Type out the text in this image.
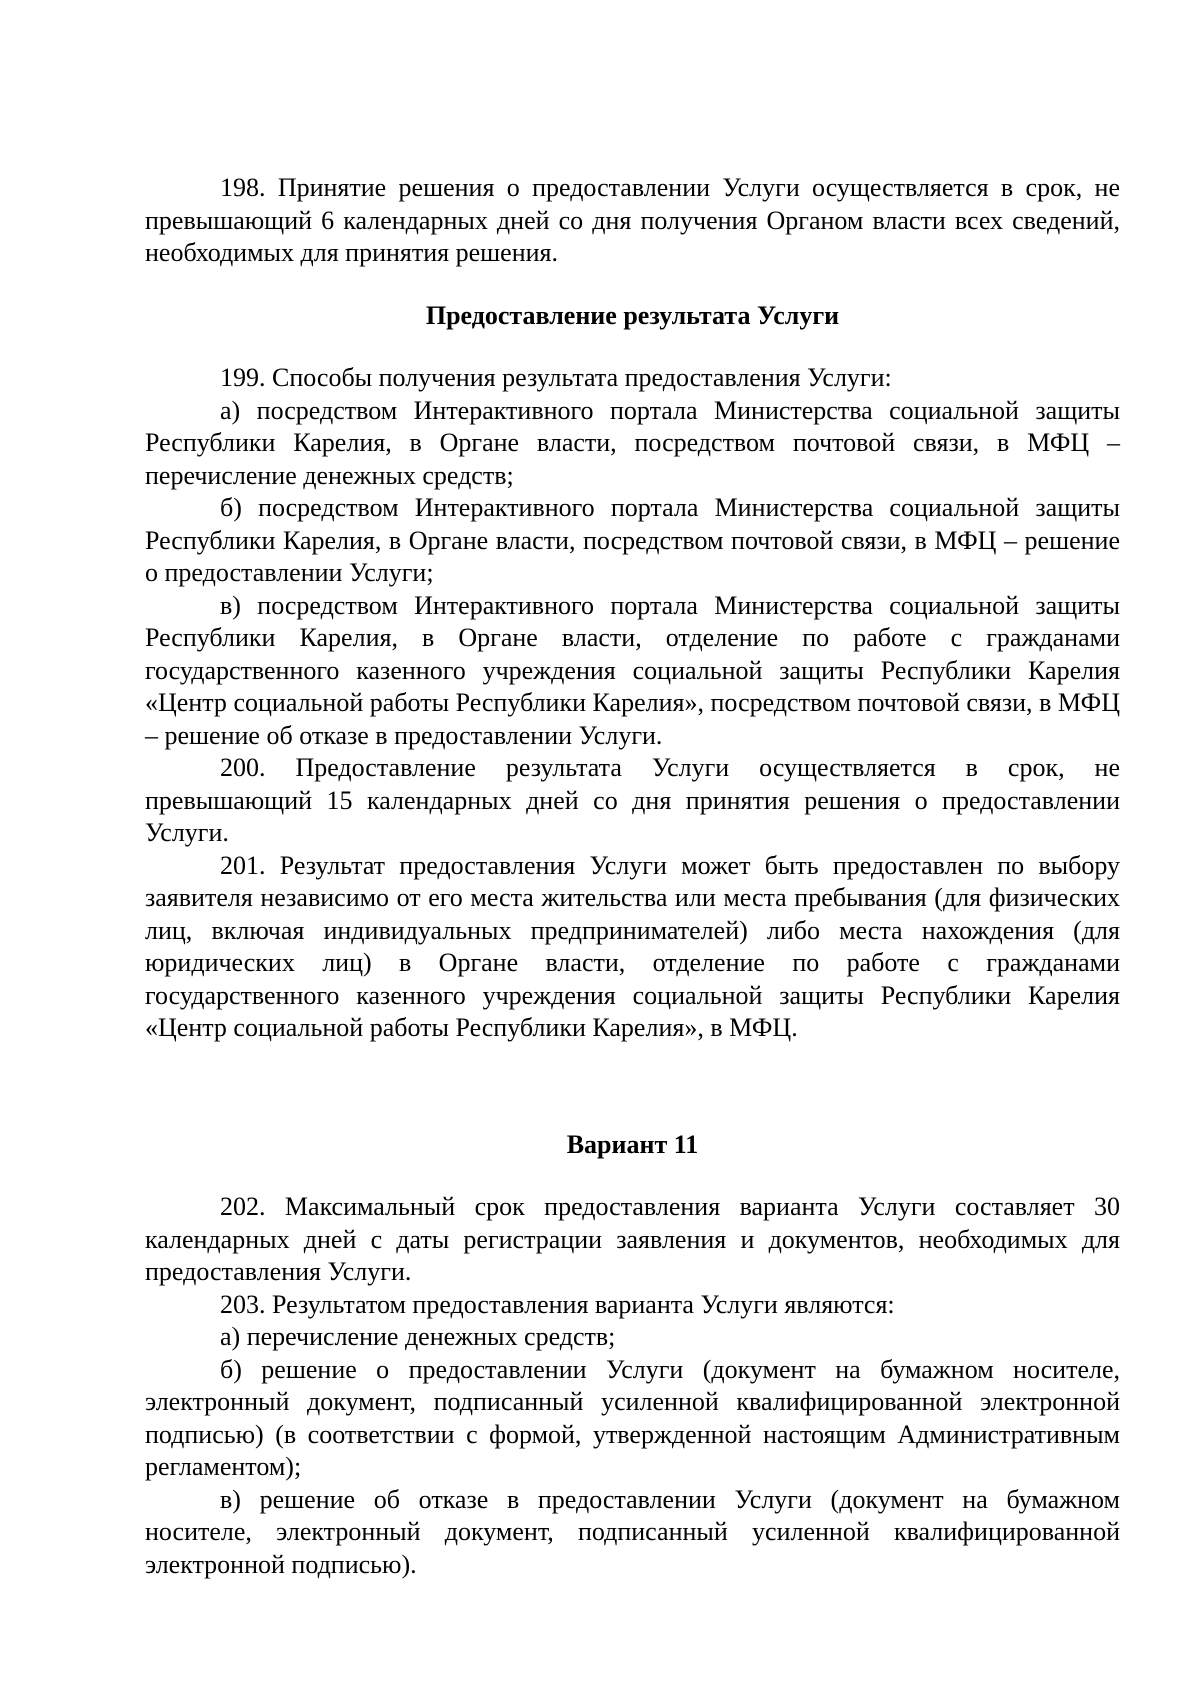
198. Принятие решения о предоставлении Услуги осуществляется в срок, не превышающий 6 календарных дней со дня получения Органом власти всех сведений, необходимых для принятия решения.

Предоставление результата Услуги

199. Способы получения результата предоставления Услуги:

а) посредством Интерактивного портала Министерства социальной защиты Республики Карелия, в Органе власти, посредством почтовой связи, в МФЦ – перечисление денежных средств;

б) посредством Интерактивного портала Министерства социальной защиты Республики Карелия, в Органе власти, посредством почтовой связи, в МФЦ – решение о предоставлении Услуги;

в) посредством Интерактивного портала Министерства социальной защиты Республики Карелия, в Органе власти, отделение по работе с гражданами государственного казенного учреждения социальной защиты Республики Карелия «Центр социальной работы Республики Карелия», посредством почтовой связи, в МФЦ – решение об отказе в предоставлении Услуги.

200. Предоставление результата Услуги осуществляется в срок, не превышающий 15 календарных дней со дня принятия решения о предоставлении Услуги.

201. Результат предоставления Услуги может быть предоставлен по выбору заявителя независимо от его места жительства или места пребывания (для физических лиц, включая индивидуальных предпринимателей) либо места нахождения (для юридических лиц) в Органе власти, отделение по работе с гражданами государственного казенного учреждения социальной защиты Республики Карелия «Центр социальной работы Республики Карелия», в МФЦ.

Вариант 11

202. Максимальный срок предоставления варианта Услуги составляет 30 календарных дней с даты регистрации заявления и документов, необходимых для предоставления Услуги.

203. Результатом предоставления варианта Услуги являются:

а) перечисление денежных средств;

б) решение о предоставлении Услуги (документ на бумажном носителе, электронный документ, подписанный усиленной квалифицированной электронной подписью) (в соответствии с формой, утвержденной настоящим Административным регламентом);

в) решение об отказе в предоставлении Услуги (документ на бумажном носителе, электронный документ, подписанный усиленной квалифицированной электронной подписью).
